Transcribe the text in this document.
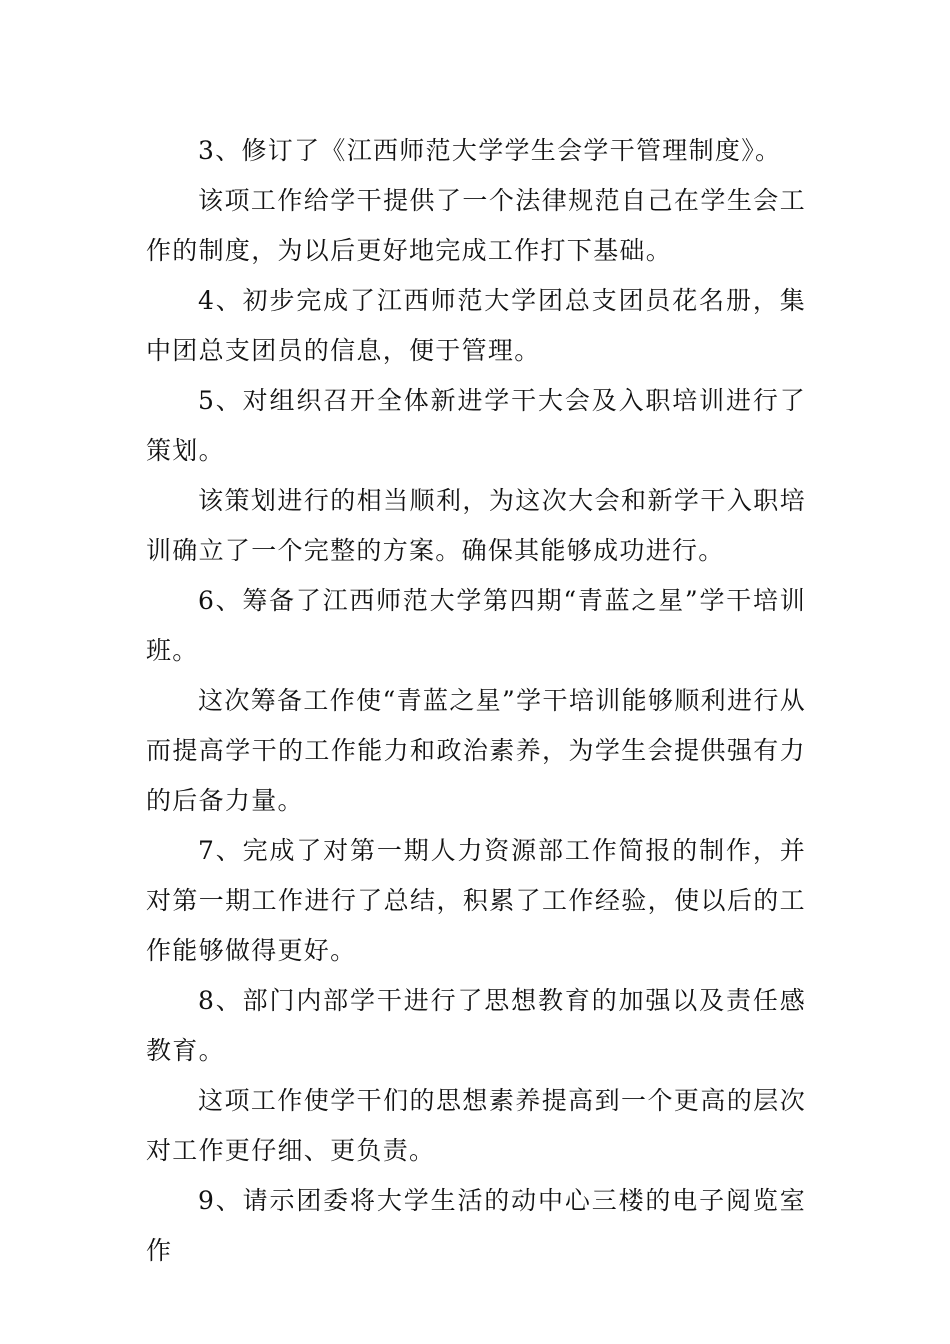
3、修订了《江西师范大学学生会学干管理制度》。

该项工作给学干提供了一个法律规范自己在学生会工作的制度，为以后更好地完成工作打下基础。

4、初步完成了江西师范大学团总支团员花名册，集中团总支团员的信息，便于管理。

5、对组织召开全体新进学干大会及入职培训进行了策划。

该策划进行的相当顺利，为这次大会和新学干入职培训确立了一个完整的方案。确保其能够成功进行。

6、筹备了江西师范大学第四期“青蓝之星”学干培训班。

这次筹备工作使“青蓝之星”学干培训能够顺利进行从而提高学干的工作能力和政治素养，为学生会提供强有力的后备力量。

7、完成了对第一期人力资源部工作简报的制作，并对第一期工作进行了总结，积累了工作经验，使以后的工作能够做得更好。

8、部门内部学干进行了思想教育的加强以及责任感教育。

这项工作使学干们的思想素养提高到一个更高的层次对工作更仔细、更负责。

9、请示团委将大学生活的动中心三楼的电子阅览室作
